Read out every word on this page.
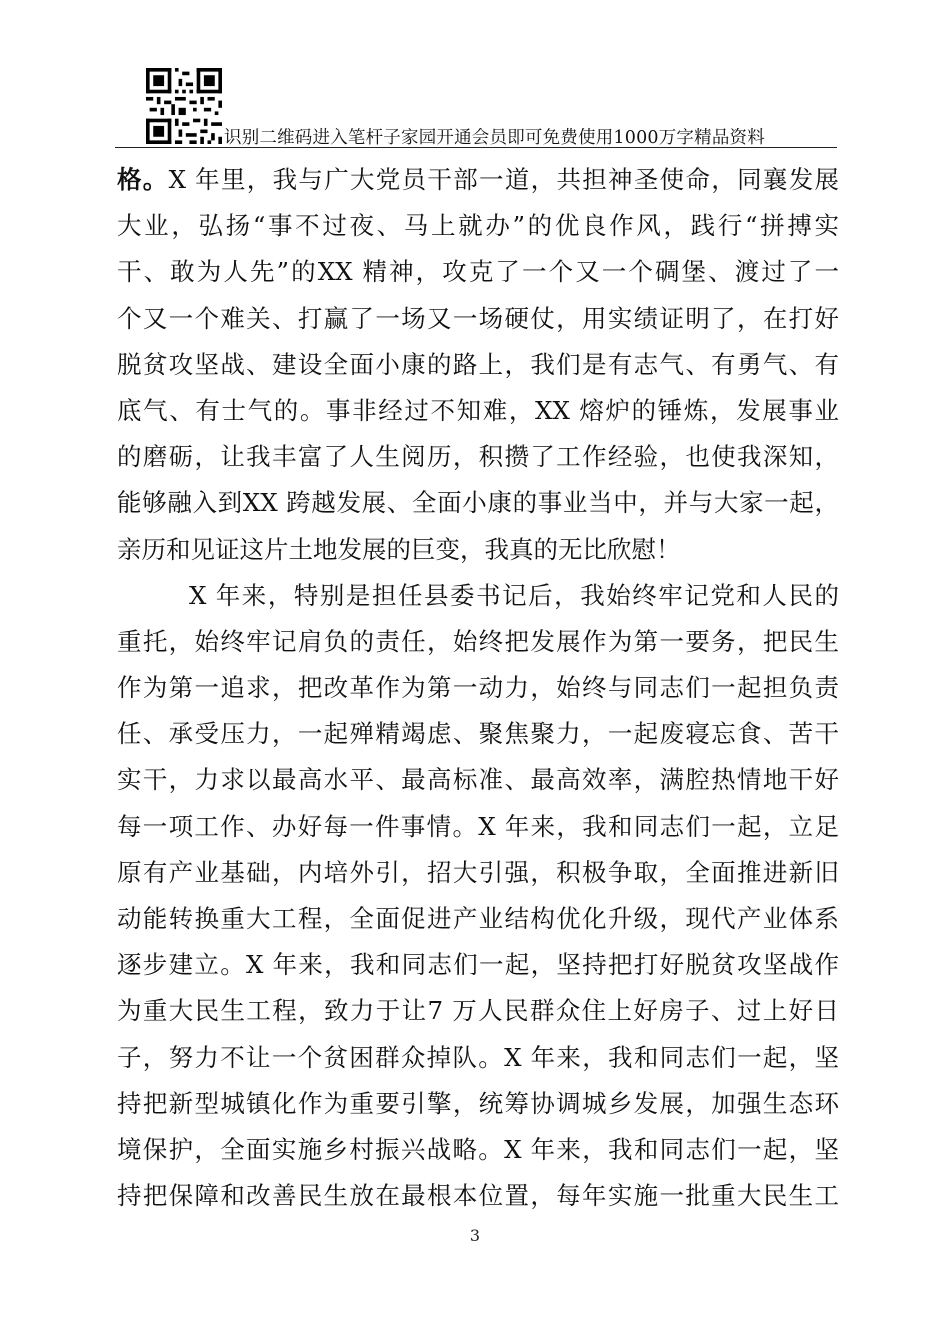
识别二维码进入笔杆子家园开通会员即可免费使用1000万字精品资料
格。X 年里，我与广大党员干部一道，共担神圣使命，同襄发展
大业，弘扬“事不过夜、马上就办”的优良作风，践行“拼搏实
干、敢为人先”的XX 精神，攻克了一个又一个碉堡、渡过了一
个又一个难关、打赢了一场又一场硬仗，用实绩证明了，在打好
脱贫攻坚战、建设全面小康的路上，我们是有志气、有勇气、有
底气、有士气的。事非经过不知难，XX 熔炉的锤炼，发展事业
的磨砺，让我丰富了人生阅历，积攒了工作经验，也使我深知，
能够融入到XX 跨越发展、全面小康的事业当中，并与大家一起，
亲历和见证这片土地发展的巨变，我真的无比欣慰！
X 年来，特别是担任县委书记后，我始终牢记党和人民的
重托，始终牢记肩负的责任，始终把发展作为第一要务，把民生
作为第一追求，把改革作为第一动力，始终与同志们一起担负责
任、承受压力，一起殚精竭虑、聚焦聚力，一起废寝忘食、苦干
实干，力求以最高水平、最高标准、最高效率，满腔热情地干好
每一项工作、办好每一件事情。X 年来，我和同志们一起，立足
原有产业基础，内培外引，招大引强，积极争取，全面推进新旧
动能转换重大工程，全面促进产业结构优化升级，现代产业体系
逐步建立。X 年来，我和同志们一起，坚持把打好脱贫攻坚战作
为重大民生工程，致力于让7 万人民群众住上好房子、过上好日
子，努力不让一个贫困群众掉队。X 年来，我和同志们一起，坚
持把新型城镇化作为重要引擎，统筹协调城乡发展，加强生态环
境保护，全面实施乡村振兴战略。X 年来，我和同志们一起，坚
持把保障和改善民生放在最根本位置，每年实施一批重大民生工
3
